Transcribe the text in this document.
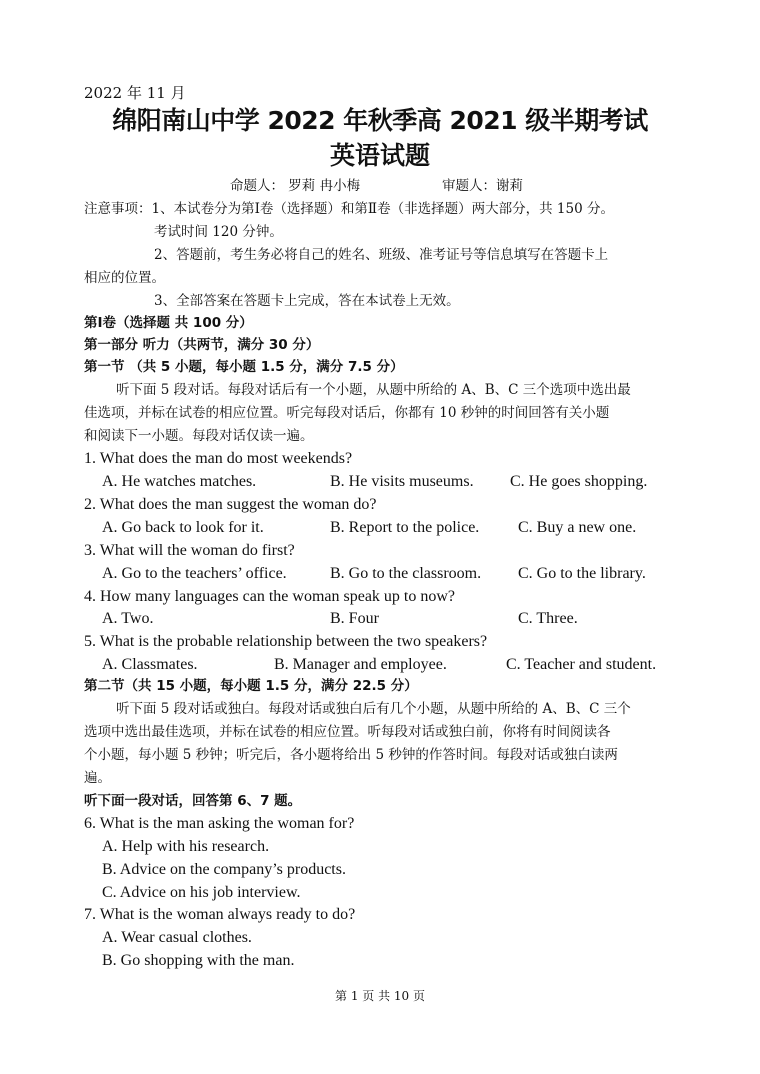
2022 年 11 月
绵阳南山中学 2022 年秋季高 2021 级半期考试
英语试题
命题人： 罗莉 冉小梅	审题人：谢莉
注意事项：1、本试卷分为第Ⅰ卷（选择题）和第Ⅱ卷（非选择题）两大部分，共 150 分。
考试时间 120 分钟。
2、答题前，考生务必将自己的姓名、班级、准考证号等信息填写在答题卡上
相应的位置。
3、全部答案在答题卡上完成，答在本试卷上无效。
第Ⅰ卷（选择题 共 100 分）
第一部分 听力（共两节，满分 30 分）
第一节 （共 5 小题，每小题 1.5 分，满分 7.5 分）
听下面 5 段对话。每段对话后有一个小题，从题中所给的 A、B、C 三个选项中选出最
佳选项，并标在试卷的相应位置。听完每段对话后，你都有 10 秒钟的时间回答有关小题
和阅读下一小题。每段对话仅读一遍。
1. What does the man do most weekends?
A. He watches matches.	B. He visits museums. C. He goes shopping.
2. What does the man suggest the woman do?
A. Go back to look for it.	B. Report to the police. C. Buy a new one.
3. What will the woman do first?
A. Go to the teachers’ office.	B. Go to the classroom. C. Go to the library.
4. How many languages can the woman speak up to now?
A. Two.	B. Four	C. Three.
5. What is the probable relationship between the two speakers?
A. Classmates.	B. Manager and employee.	C. Teacher and student.
第二节（共 15 小题，每小题 1.5 分，满分 22.5 分）
听下面 5 段对话或独白。每段对话或独白后有几个小题，从题中所给的 A、B、C 三个
选项中选出最佳选项，并标在试卷的相应位置。听每段对话或独白前，你将有时间阅读各
个小题，每小题 5 秒钟；听完后，各小题将给出 5 秒钟的作答时间。每段对话或独白读两
遍。
听下面一段对话，回答第 6、7 题。
6. What is the man asking the woman for?
A. Help with his research.
B. Advice on the company’s products.
C. Advice on his job interview.
7. What is the woman always ready to do?
A. Wear casual clothes.
B. Go shopping with the man.
第 1 页 共 10 页
